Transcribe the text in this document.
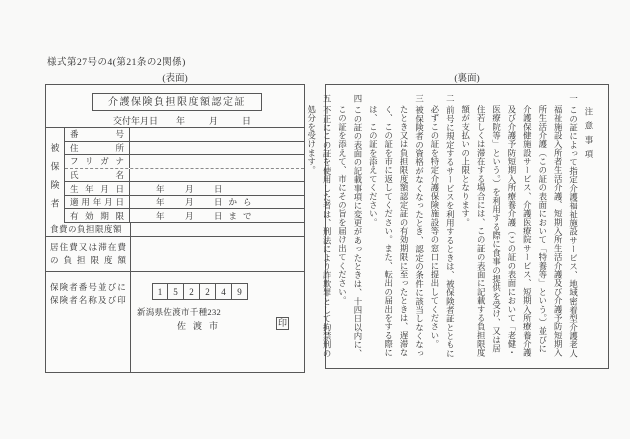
様式第27号の4(第21条の2関係)
(表面)	(裏面)
介護保険負担限度額認定証
交付年月日 年　　月　　日
被保険者
番号
住所
フリガナ
氏名
生年月日	年　月　日
適用年月日	年　月　日から
有効期限	年　月　日まで
食費の負担限度額
居住費又は滞在費の負担限度額
保険者番号並びに
保険者名称及び印
1	5	2	2	4	9
新潟県佐渡市千種232
佐渡市	印

注意事項

一この証によって指定介護福祉施設サービス、地域密着型介護老人福祉施設入所者生活介護、短期入所生活介護及び介護予防短期入所生活介護（この証の表面において「特養等」という。）並びに介護保健施設サービス、介護医療院サービス、短期入所療養介護及び介護予防短期入所療養介護（この証の表面において「老健・医療院等」という。）を利用する際に食事の提供を受け、又は居住若しくは滞在する場合には、この証の表面に記載する負担限度額が支払いの上限となります。

二前号に規定するサービスを利用するときは、被保険者証とともに必ずこの証を特定介護保険施設等の窓口に提出してください。

三被保険者の資格がなくなったとき、認定の条件に該当しなくなったとき又は負担限度額認定証の有効期限に至ったときは、遅滞なく、この証を市に返してください。また、転出の届出をする際には、この証を添えてください。

四この証の表面の記載事項に変更があったときは、十四日以内に、この証を添えて、市にその旨を届け出てください。

五不正にこの証を使用した者は、刑法により詐欺罪として拘禁刑の処分を受けます。
